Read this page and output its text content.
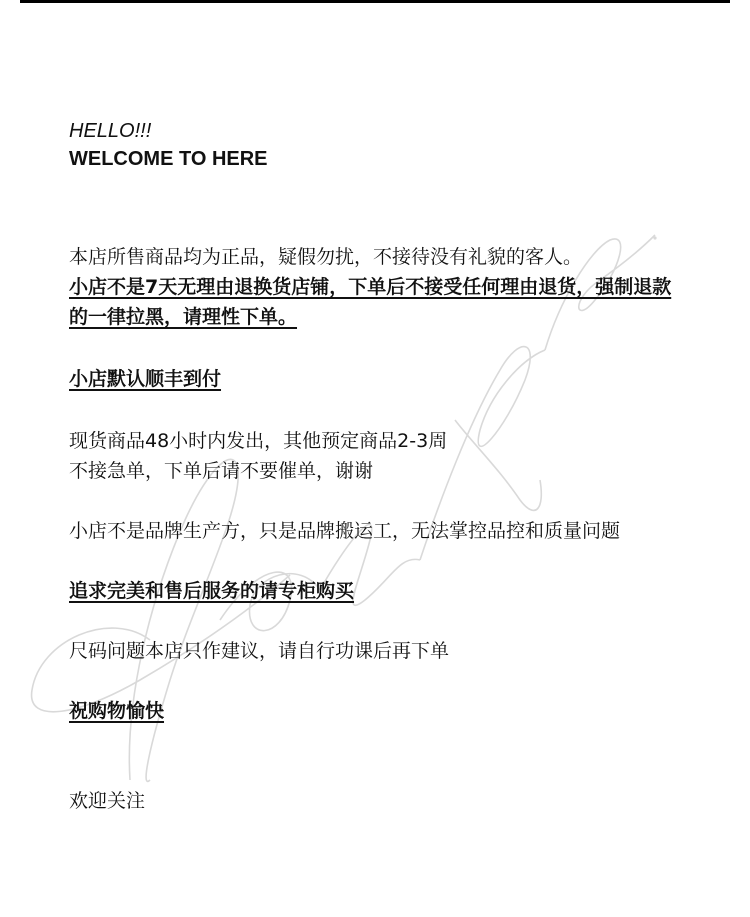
HELLO!!!
WELCOME TO HERE
本店所售商品均为正品，疑假勿扰，不接待没有礼貌的客人。
小店不是7天无理由退换货店铺，下单后不接受任何理由退货，强制退款的一律拉黑，请理性下单。
小店默认顺丰到付
现货商品48小时内发出，其他预定商品2-3周
不接急单，下单后请不要催单，谢谢
小店不是品牌生产方，只是品牌搬运工，无法掌控品控和质量问题
追求完美和售后服务的请专柜购买
尺码问题本店只作建议，请自行功课后再下单
祝购物愉快
欢迎关注
